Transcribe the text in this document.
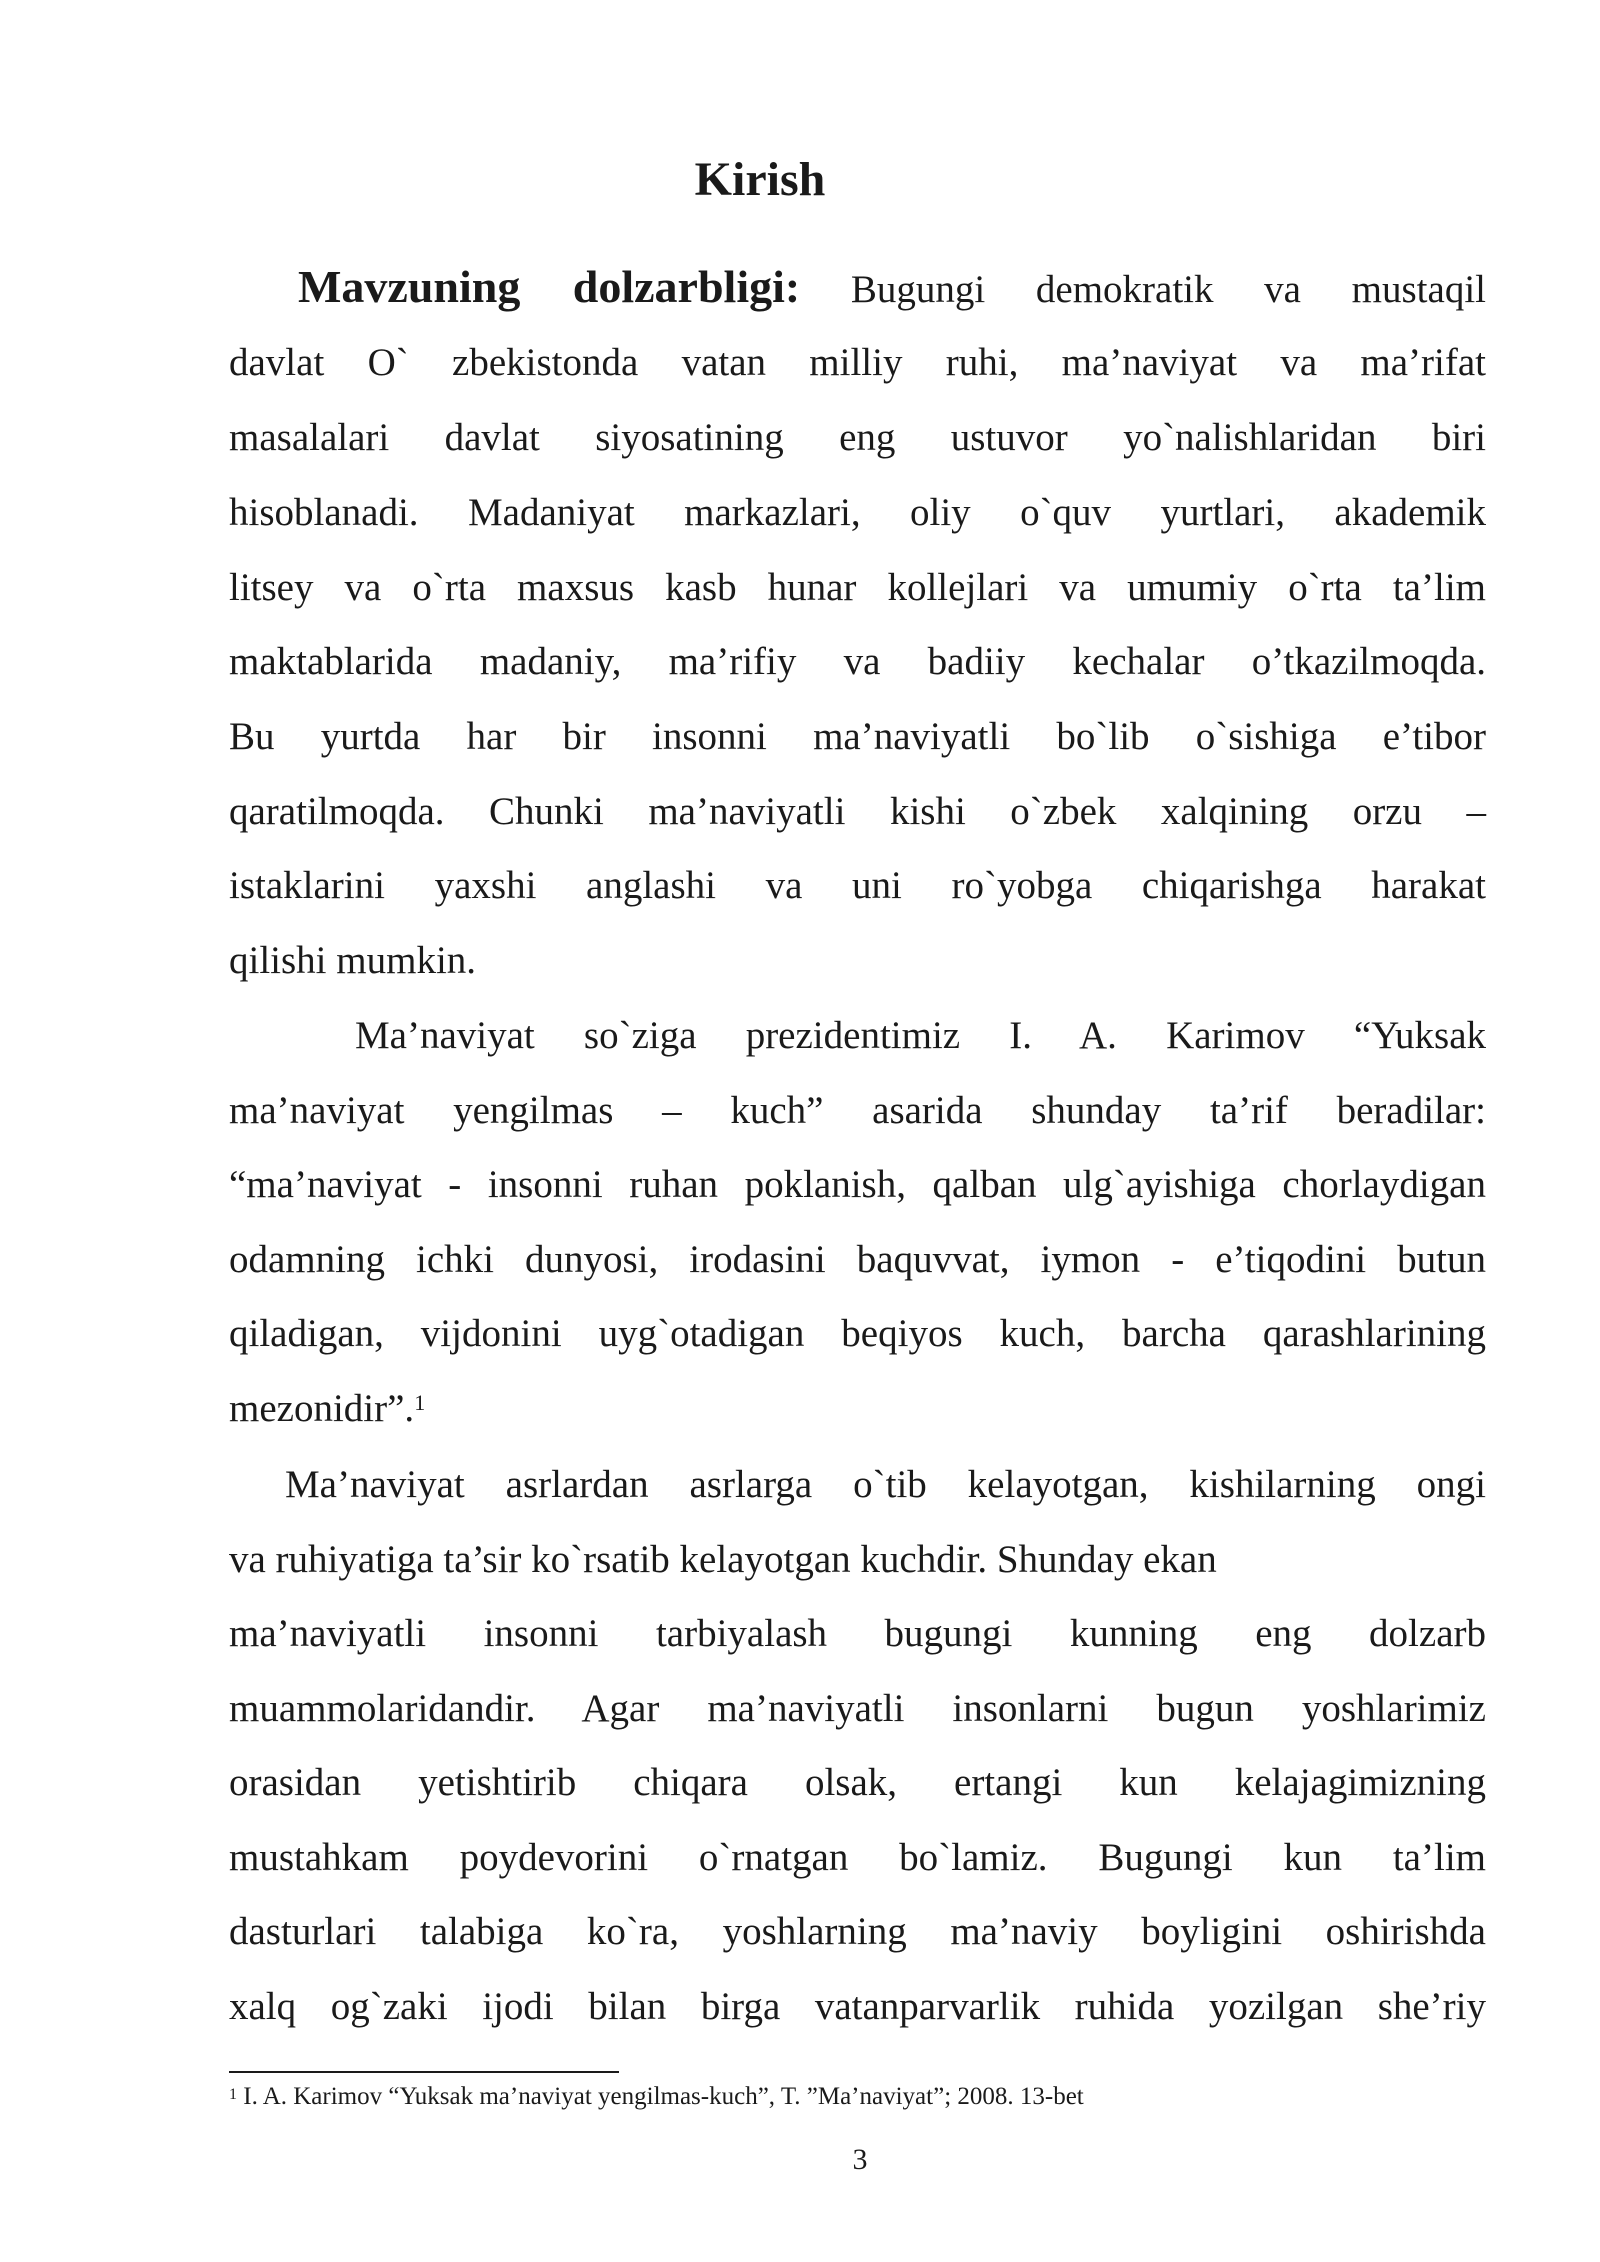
Kirish
Mavzuning dolzarbligi: Bugungi demokratik va mustaqil
davlat O` zbekistonda vatan milliy ruhi, ma’naviyat va ma’rifat
masalalari davlat siyosatining eng ustuvor yo`nalishlaridan biri
hisoblanadi. Madaniyat markazlari, oliy o`quv yurtlari, akademik
litsey va o`rta maxsus kasb hunar kollejlari va umumiy o`rta ta’lim
maktablarida madaniy, ma’rifiy va badiiy kechalar o’tkazilmoqda.
Bu yurtda har bir insonni ma’naviyatli bo`lib o`sishiga e’tibor
qaratilmoqda. Chunki ma’naviyatli kishi o`zbek xalqining orzu –
istaklarini yaxshi anglashi va uni ro`yobga chiqarishga harakat
qilishi mumkin.
Ma’naviyat so`ziga prezidentimiz I. A. Karimov “Yuksak
ma’naviyat yengilmas – kuch” asarida shunday ta’rif beradilar:
“ma’naviyat - insonni ruhan poklanish, qalban ulg`ayishiga chorlaydigan
odamning ichki dunyosi, irodasini baquvvat, iymon - e’tiqodini butun
qiladigan, vijdonini uyg`otadigan beqiyos kuch, barcha qarashlarining
mezonidir”.$^1$
Ma’naviyat asrlardan asrlarga o`tib kelayotgan, kishilarning ongi
va ruhiyatiga ta’sir ko`rsatib kelayotgan kuchdir. Shunday ekan
ma’naviyatli insonni tarbiyalash bugungi kunning eng dolzarb
muammolaridandir. Agar ma’naviyatli insonlarni bugun yoshlarimiz
orasidan yetishtirib chiqara olsak, ertangi kun kelajagimizning
mustahkam poydevorini o`rnatgan bo`lamiz. Bugungi kun ta’lim
dasturlari talabiga ko`ra, yoshlarning ma’naviy boyligini oshirishda
xalq og`zaki ijodi bilan birga vatanparvarlik ruhida yozilgan she’riy
$^1$ I. A. Karimov “Yuksak ma’naviyat yengilmas-kuch”, T. ”Ma’naviyat”; 2008. 13-bet
3
